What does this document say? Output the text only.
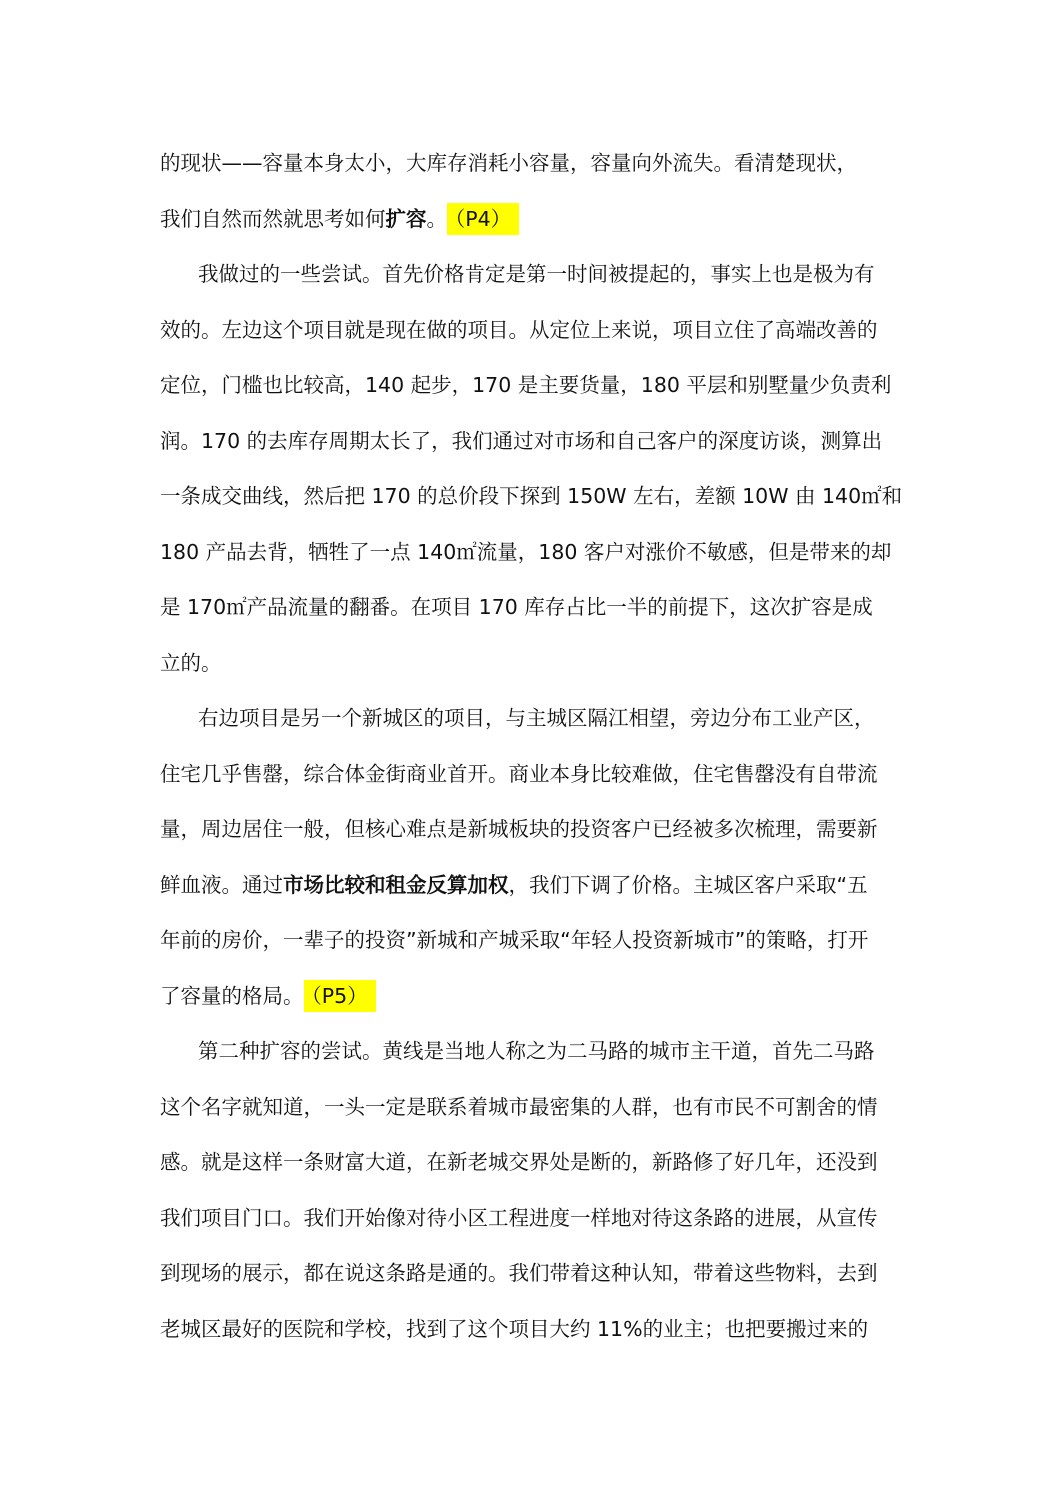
的现状——容量本身太小，大库存消耗小容量，容量向外流失。看清楚现状，
我们自然而然就思考如何扩容。 （P4）
我做过的一些尝试。首先价格肯定是第一时间被提起的，事实上也是极为有
效的。左边这个项目就是现在做的项目。从定位上来说，项目立住了高端改善的
定位，门槛也比较高，140 起步，170 是主要货量，180 平层和别墅量少负责利
润。170 的去库存周期太长了，我们通过对市场和自己客户的深度访谈，测算出
一条成交曲线，然后把 170 的总价段下探到 150W 左右，差额 10W 由 140㎡和
180 产品去背，牺牲了一点 140㎡流量，180 客户对涨价不敏感，但是带来的却
是 170㎡产品流量的翻番。在项目 170 库存占比一半的前提下，这次扩容是成
立的。
右边项目是另一个新城区的项目，与主城区隔江相望，旁边分布工业产区，
住宅几乎售罄，综合体金街商业首开。商业本身比较难做，住宅售罄没有自带流
量，周边居住一般，但核心难点是新城板块的投资客户已经被多次梳理，需要新
鲜血液。通过市场比较和租金反算加权，我们下调了价格。主城区客户采取“五
年前的房价，一辈子的投资”新城和产城采取“年轻人投资新城市”的策略，打开
了容量的格局。 （P5）
第二种扩容的尝试。黄线是当地人称之为二马路的城市主干道，首先二马路
这个名字就知道，一头一定是联系着城市最密集的人群，也有市民不可割舍的情
感。就是这样一条财富大道，在新老城交界处是断的，新路修了好几年，还没到
我们项目门口。我们开始像对待小区工程进度一样地对待这条路的进展，从宣传
到现场的展示，都在说这条路是通的。我们带着这种认知，带着这些物料，去到
老城区最好的医院和学校，找到了这个项目大约 11%的业主；也把要搬过来的
